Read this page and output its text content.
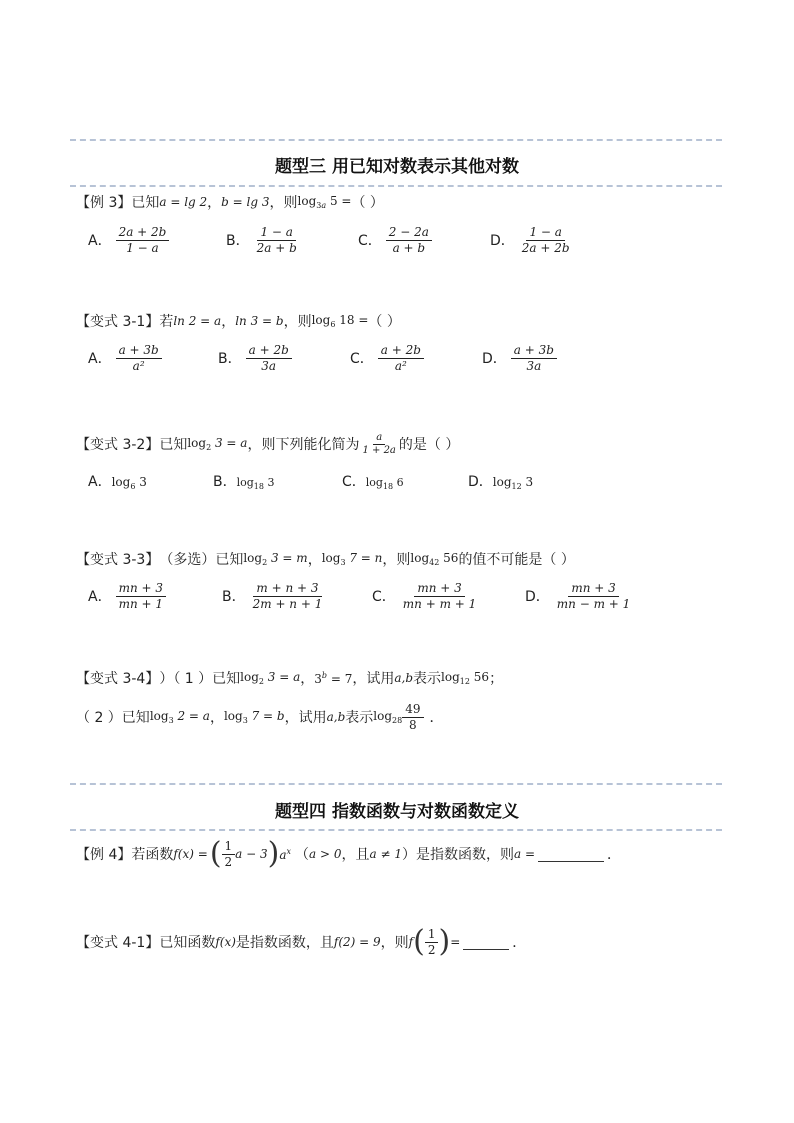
题型三 用已知对数表示其他对数
【例 3】 已知 a = lg 2 ， b = lg 3 ，则 $\log_{3a} 5$ = （ ）
A． $\frac{2a + 2b}{1 - a}$	B． $\frac{1 - a}{2a + b}$	C． $\frac{2 - 2a}{a + b}$	D． $\frac{1 - a}{2a + 2b}$
【变式 3-1】 若 ln 2 = a ， ln 3 = b ，则 $\log_6 18$ = （ ）
A． $\frac{a + 3b}{\text{a²}}$	B． $\frac{a + 2b}{3a}$	C． $\frac{a + 2b}{\text{a²}}$	D． $\frac{a + 3b}{3a}$
【变式 3-2】 已知 $\log_2 3 = a$ ，则下列能化简为 $\frac{a}{1 + 2a}$ 的是（ ）
A．$\log_6 3$	B．$\log_{18} 3$	C．$\log_{18} 6$	D．$\log_{12} 3$
【变式 3-3】 （多选）已知 $\log_2 3 = m$ ， $\log_3 7 = n$ ，则 $\log_{42} 56$ 的值不可能是（ ）
A． $\frac{mn + 3}{mn + 1}$	B． $\frac{m + n + 3}{2m + n + 1}$	C． $\frac{mn + 3}{mn + m + 1}$	D． $\frac{mn + 3}{mn - m + 1}$
【变式 3-4】 ）（ 1 ）已知 $\log_2 3 = a$ ， $3^b = 7$ ，试用 a,b 表示 $\log_{12} 56$ ；
（ 2 ）已知 $\log_3 2 = a$ ， $\log_3 7 = b$ ，试用 a,b 表示 $\log_{28} \frac{49}{8}$ ．
题型四 指数函数与对数函数定义
【例 4】 若函数 f(x) = ( $\frac{1}{2}$ a − 3 ) $a^x$ （ a > 0 ，且 a ≠ 1 ）是指数函数，则 a =	．
【变式 4-1】 已知函数 f(x) 是指数函数，且 f(2) = 9 ，则 f ( $\frac{1}{2}$ ) =	．
